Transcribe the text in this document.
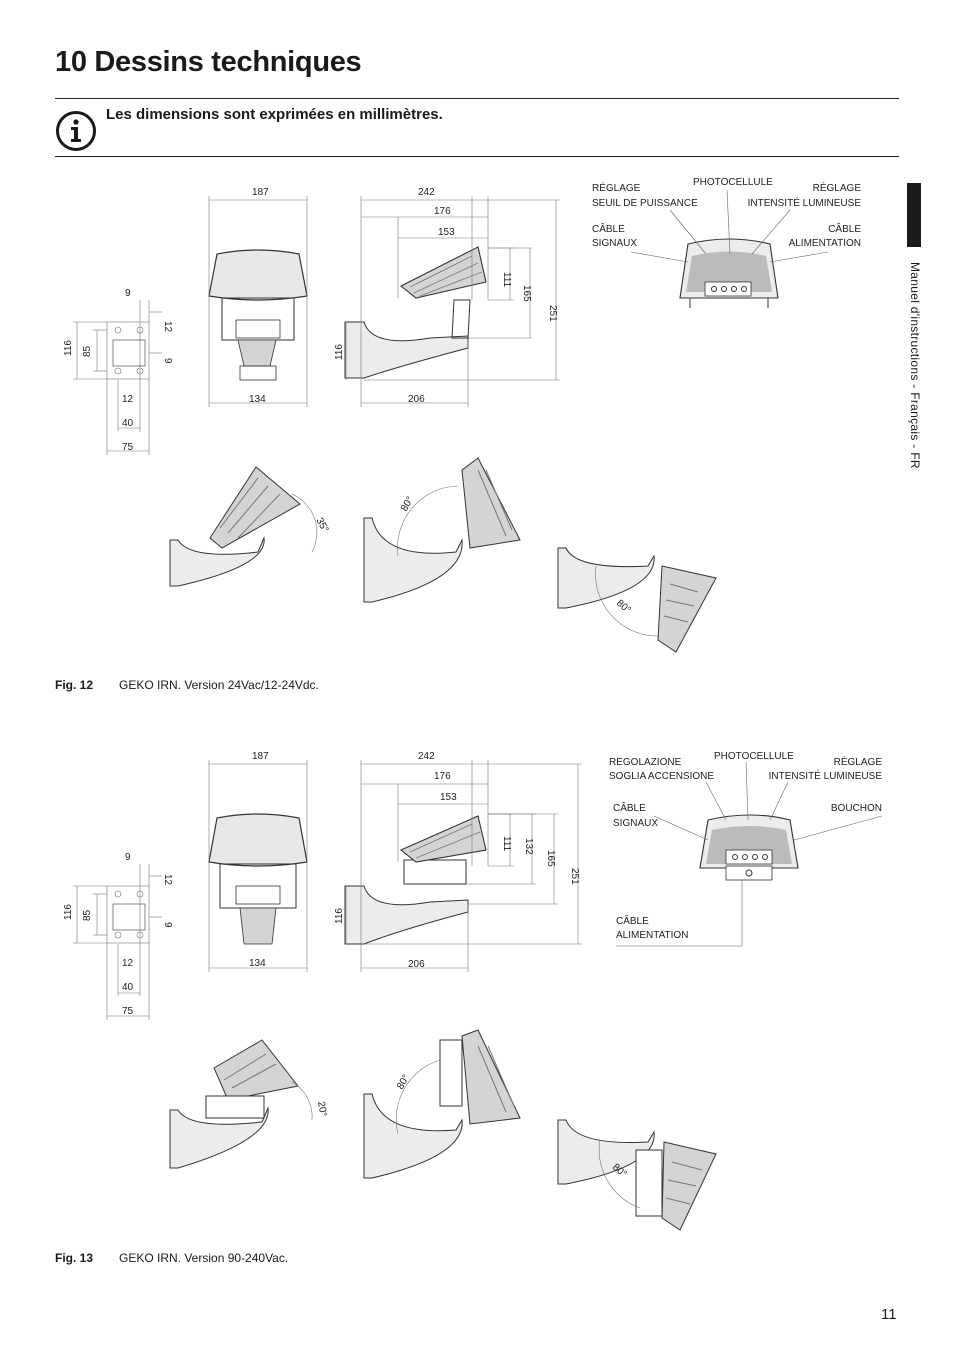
10 Dessins techniques
Les dimensions sont exprimées en millimètres.
Manuel d'instructions - Français - FR
9
12
9
116 85
12
40
75
187
134
242
176
153
206
111
165
251
116
RÉGLAGE
SEUIL DE PUISSANCE
PHOTOCELLULE
RÉGLAGE
INTENSITÉ LUMINEUSE
CÂBLE
SIGNAUX
CÂBLE
ALIMENTATION
35°
80°
80°
Fig. 12 GEKO IRN. Version 24Vac/12-24Vdc.
9
12
9
116 85
12
40
75
187
134
242
176
153
206
111 132
165
251
116
REGOLAZIONE
SOGLIA ACCENSIONE
PHOTOCELLULE
RÉGLAGE
INTENSITÉ LUMINEUSE
CÂBLE
SIGNAUX
BOUCHON
CÂBLE
ALIMENTATION
20°
80°
80°
Fig. 13 GEKO IRN. Version 90-240Vac.
11
